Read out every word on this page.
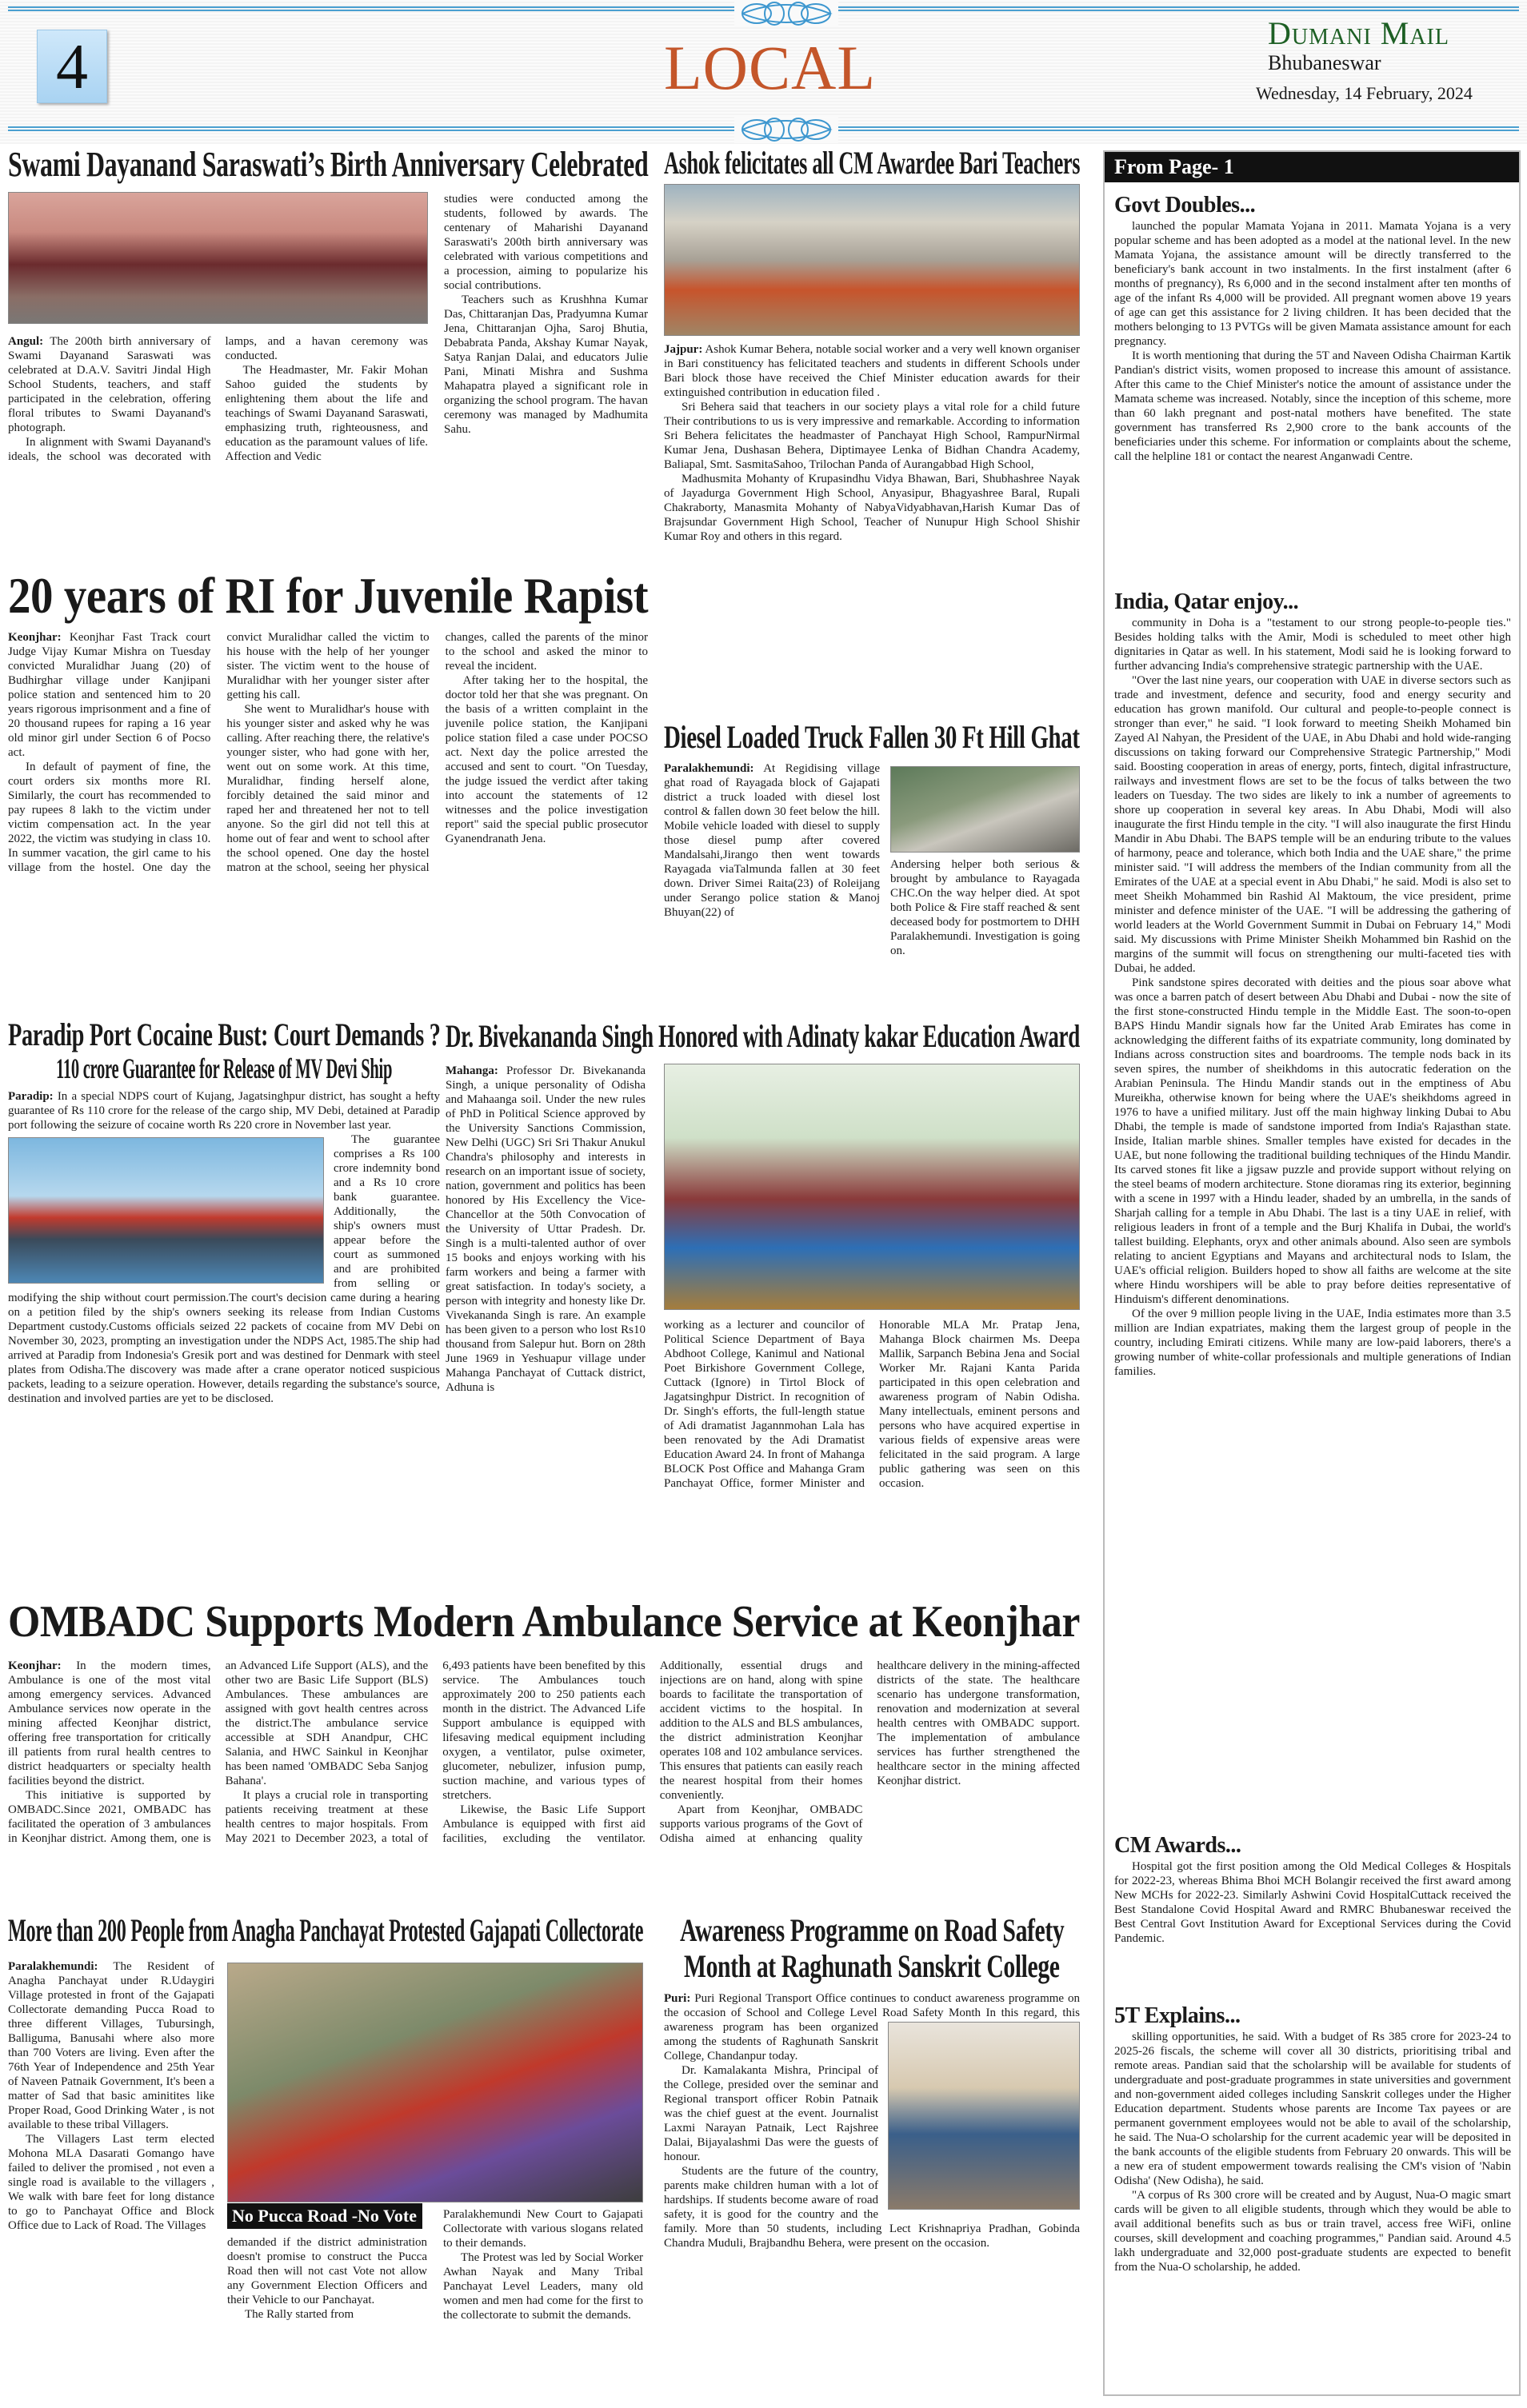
4	LOCAL	Dumani Mail
Bhubaneswar
Wednesday, 14 February, 2024
Swami Dayanand Saraswati’s Birth Anniversary Celebrated

Angul: The 200th birth anniversary of Swami Dayanand Saraswati was celebrated at D.A.V. Savitri Jindal High School Students, teachers, and staff participated in the celebration, offering floral tributes to Swami Dayanand's photograph.

In alignment with Swami Dayanand's ideals, the school was decorated with lamps, and a havan ceremony was conducted.

The Headmaster, Mr. Fakir Mohan Sahoo guided the students by enlightening them about the life and teachings of Swami Dayanand Saraswati, emphasizing truth, righteousness, and education as the paramount values of life. Affection and Vedic

studies were conducted among the students, followed by awards. The centenary of Maharishi Dayanand Saraswati's 200th birth anniversary was celebrated with various competitions and a procession, aiming to popularize his social contributions.

Teachers such as Krushhna Kumar Das, Chittaranjan Das, Pradyumna Kumar Jena, Chittaranjan Ojha, Saroj Bhutia, Debabrata Panda, Akshay Kumar Nayak, Satya Ranjan Dalai, and educators Julie Pani, Minati Mishra and Sushma Mahapatra played a significant role in organizing the school program. The havan ceremony was managed by Madhumita Sahu.

Ashok felicitates all CM Awardee Bari Teachers

Jajpur: Ashok Kumar Behera, notable social worker and a very well known organiser in Bari constituency has felicitated teachers and students in different Schools under Bari block those have received the Chief Minister education awards for their extinguished contribution in education filed .

Sri Behera said that teachers in our society plays a vital role for a child future Their contributions to us is very impressive and remarkable. According to information Sri Behera felicitates the headmaster of Panchayat High School, RampurNirmal Kumar Jena, Dushasan Behera, Diptimayee Lenka of Bidhan Chandra Academy, Baliapal, Smt. SasmitaSahoo, Trilochan Panda of Aurangabbad High School,

Madhusmita Mohanty of Krupasindhu Vidya Bhawan, Bari, Shubhashree Nayak of Jayadurga Government High School, Anyasipur, Bhagyashree Baral, Rupali Chakraborty, Manasmita Mohanty of NabyaVidyabhavan,Harish Kumar Das of Brajsundar Government High School, Teacher of Nunupur High School Shishir Kumar Roy and others in this regard.

20 years of RI for Juvenile Rapist

Keonjhar: Keonjhar Fast Track court Judge Vijay Kumar Mishra on Tuesday convicted Muralidhar Juang (20) of Budhirghar village under Kanjipani police station and sentenced him to 20 years rigorous imprisonment and a fine of 20 thousand rupees for raping a 16 year old minor girl under Section 6 of Pocso act.

In default of payment of fine, the court orders six months more RI. Similarly, the court has recommended to pay rupees 8 lakh to the victim under victim compensation act. In the year 2022, the victim was studying in class 10. In summer vacation, the girl came to his village from the hostel. One day the convict Muralidhar called the victim to his house with the help of her younger sister. The victim went to the house of Muralidhar with her younger sister after getting his call.

She went to Muralidhar's house with his younger sister and asked why he was calling. After reaching there, the relative's younger sister, who had gone with her, went out on some work. At this time, Muralidhar, finding herself alone, forcibly detained the said minor and raped her and threatened her not to tell anyone. So the girl did not tell this at home out of fear and went to school after the school opened. One day the hostel matron at the school, seeing her physical changes, called the parents of the minor to the school and asked the minor to reveal the incident.

After taking her to the hospital, the doctor told her that she was pregnant. On the basis of a written complaint in the juvenile police station, the Kanjipani police station filed a case under POCSO act. Next day the police arrested the accused and sent to court. "On Tuesday, the judge issued the verdict after taking into account the statements of 12 witnesses and the police investigation report" said the special public prosecutor Gyanendranath Jena.

Diesel Loaded Truck Fallen 30 Ft Hill Ghat

Paralakhemundi: At Regidising village ghat road of Rayagada block of Gajapati district a truck loaded with diesel lost control & fallen down 30 feet below the hill. Mobile vehicle loaded with diesel to supply those diesel pump after covered Mandalsahi,Jirango then went towards Rayagada viaTalmunda fallen at 30 feet down. Driver Simei Raita(23) of Roleijang under Serango police station & Manoj Bhuyan(22) of

Andersing helper both serious & brought by ambulance to Rayagada CHC.On the way helper died. At spot both Police & Fire staff reached & sent deceased body for postmortem to DHH Paralakhemundi. Investigation is going on.

Paradip Port Cocaine Bust: Court Demands ?
110 crore Guarantee for Release of MV Devi Ship

Paradip: In a special NDPS court of Kujang, Jagatsinghpur district, has sought a hefty guarantee of Rs 110 crore for the release of the cargo ship, MV Debi, detained at Paradip port following the seizure of cocaine worth Rs 220 crore in November last year.

The guarantee comprises a Rs 100 crore indemnity bond and a Rs 10 crore bank guarantee. Additionally, the ship's owners must appear before the court as summoned and are prohibited from selling or modifying the ship without court permission.The court's decision came during a hearing on a petition filed by the ship's owners seeking its release from Indian Customs Department custody.Customs officials seized 22 packets of cocaine from MV Debi on November 30, 2023, prompting an investigation under the NDPS Act, 1985.The ship had arrived at Paradip from Indonesia's Gresik port and was destined for Denmark with steel plates from Odisha.The discovery was made after a crane operator noticed suspicious packets, leading to a seizure operation. However, details regarding the substance's source, destination and involved parties are yet to be disclosed.

Dr. Bivekananda Singh Honored with Adinaty kakar Education Award

Mahanga: Professor Dr. Bivekananda Singh, a unique personality of Odisha and Mahaanga soil. Under the new rules of PhD in Political Science approved by the University Sanctions Commission, New Delhi (UGC) Sri Sri Thakur Anukul Chandra's philosophy and interests in research on an important issue of society, nation, government and politics has been honored by His Excellency the Vice-Chancellor at the 50th Convocation of the University of Uttar Pradesh. Dr. Singh is a multi-talented author of over 15 books and enjoys working with his farm workers and being a farmer with great satisfaction. In today's society, a person with integrity and honesty like Dr. Vivekananda Singh is rare. An example has been given to a person who lost Rs10 thousand from Salepur hut. Born on 28th June 1969 in Yeshuapur village under Mahanga Panchayat of Cuttack district, Adhuna is

working as a lecturer and councilor of Political Science Department of Baya Abdhoot College, Kanimul and National Poet Birkishore Government College, Cuttack (Ignore) in Tirtol Block of Jagatsinghpur District. In recognition of Dr. Singh's efforts, the full-length statue of Adi dramatist Jagannmohan Lala has been renovated by the Adi Dramatist Education Award 24. In front of Mahanga BLOCK Post Office and Mahanga Gram Panchayat Office, former Minister and Honorable MLA Mr. Pratap Jena, Mahanga Block chairmen Ms. Deepa Mallik, Sarpanch Bebina Jena and Social Worker Mr. Rajani Kanta Parida participated in this open celebration and awareness program of Nabin Odisha. Many intellectuals, eminent persons and persons who have acquired expertise in various fields of expensive areas were felicitated in the said program. A large public gathering was seen on this occasion.

OMBADC Supports Modern Ambulance Service at Keonjhar

Keonjhar: In the modern times, Ambulance is one of the most vital among emergency services. Advanced Ambulance services now operate in the mining affected Keonjhar district, offering free transportation for critically ill patients from rural health centres to district headquarters or specialty health facilities beyond the district.

This initiative is supported by OMBADC.Since 2021, OMBADC has facilitated the operation of 3 ambulances in Keonjhar district. Among them, one is an Advanced Life Support (ALS), and the other two are Basic Life Support (BLS) Ambulances. These ambulances are assigned with govt health centres across the district.The ambulance service accessible at SDH Anandpur, CHC Salania, and HWC Sainkul in Keonjhar has been named 'OMBADC Seba Sanjog Bahana'.

It plays a crucial role in transporting patients receiving treatment at these health centres to major hospitals. From May 2021 to December 2023, a total of 6,493 patients have been benefited by this service. The Ambulances touch approximately 200 to 250 patients each month in the district. The Advanced Life Support ambulance is equipped with lifesaving medical equipment including oxygen, a ventilator, pulse oximeter, glucometer, nebulizer, infusion pump, suction machine, and various types of stretchers.

Likewise, the Basic Life Support Ambulance is equipped with first aid facilities, excluding the ventilator. Additionally, essential drugs and injections are on hand, along with spine boards to facilitate the transportation of accident victims to the hospital. In addition to the ALS and BLS ambulances, the district administration Keonjhar operates 108 and 102 ambulance services. This ensures that patients can easily reach the nearest hospital from their homes conveniently.

Apart from Keonjhar, OMBADC supports various programs of the Govt of Odisha aimed at enhancing quality healthcare delivery in the mining-affected districts of the state. The healthcare scenario has undergone transformation, renovation and modernization at several health centres with OMBADC support. The implementation of ambulance services has further strengthened the healthcare sector in the mining affected Keonjhar district.

More than 200 People from Anagha Panchayat Protested Gajapati Collectorate

Paralakhemundi: The Resident of Anagha Panchayat under R.Udaygiri Village protested in front of the Gajapati Collectorate demanding Pucca Road to three different Villages, Tubursingh, Balliguma, Banusahi where also more than 700 Voters are living. Even after the 76th Year of Independence and 25th Year of Naveen Patnaik Government, It's been a matter of Sad that basic aminitites like Proper Road, Good Drinking Water , is not available to these tribal Villagers.

The Villagers Last term elected Mohona MLA Dasarati Gomango have failed to deliver the promised , not even a single road is available to the villagers , We walk with bare feet for long distance to go to Panchayat Office and Block Office due to Lack of Road. The Villages	No Pucca Road -No Vote

demanded if the district administration doesn't promise to construct the Pucca Road then will not cast Vote not allow any Government Election Officers and their Vehicle to our Panchayat.

The Rally started from

Paralakhemundi New Court to Gajapati Collectorate with various slogans related to their demands.

The Protest was led by Social Worker Awhan Nayak and Many Tribal Panchayat Level Leaders, many old women and men had come for the first to the collectorate to submit the demands.

Awareness Programme on Road Safety
Month at Raghunath Sanskrit College

Puri: Puri Regional Transport Office continues to conduct awareness programme on the occasion of School and College Level Road Safety Month In this regard, this awareness program has been organized among the students of Raghunath Sanskrit College, Chandanpur today.

Dr. Kamalakanta Mishra, Principal of the College, presided over the seminar and Regional transport officer Robin Patnaik was the chief guest at the event. Journalist Laxmi Narayan Patnaik, Lect Rajshree Dalai, Bijayalashmi Das were the guests of honour.

Students are the future of the country, parents make children human with a lot of hardships. If students become aware of road safety, it is good for the country and the family. More than 50 students, including Lect Krishnapriya Pradhan, Gobinda Chandra Muduli, Brajbandhu Behera, were present on the occasion.

From Page- 1
Govt Doubles...

launched the popular Mamata Yojana in 2011. Mamata Yojana is a very popular scheme and has been adopted as a model at the national level. In the new Mamata Yojana, the assistance amount will be directly transferred to the beneficiary's bank account in two instalments. In the first instalment (after 6 months of pregnancy), Rs 6,000 and in the second instalment after ten months of age of the infant Rs 4,000 will be provided. All pregnant women above 19 years of age can get this assistance for 2 living children. It has been decided that the mothers belonging to 13 PVTGs will be given Mamata assistance amount for each pregnancy.

It is worth mentioning that during the 5T and Naveen Odisha Chairman Kartik Pandian's district visits, women proposed to increase this amount of assistance. After this came to the Chief Minister's notice the amount of assistance under the Mamata scheme was increased. Notably, since the inception of this scheme, more than 60 lakh pregnant and post-natal mothers have benefited. The state government has transferred Rs 2,900 crore to the bank accounts of the beneficiaries under this scheme. For information or complaints about the scheme, call the helpline 181 or contact the nearest Anganwadi Centre.

India, Qatar enjoy...

community in Doha is a "testament to our strong people-to-people ties." Besides holding talks with the Amir, Modi is scheduled to meet other high dignitaries in Qatar as well. In his statement, Modi said he is looking forward to further advancing India's comprehensive strategic partnership with the UAE.

"Over the last nine years, our cooperation with UAE in diverse sectors such as trade and investment, defence and security, food and energy security and education has grown manifold. Our cultural and people-to-people connect is stronger than ever," he said. "I look forward to meeting Sheikh Mohamed bin Zayed Al Nahyan, the President of the UAE, in Abu Dhabi and hold wide-ranging discussions on taking forward our Comprehensive Strategic Partnership," Modi said. Boosting cooperation in areas of energy, ports, fintech, digital infrastructure, railways and investment flows are set to be the focus of talks between the two leaders on Tuesday. The two sides are likely to ink a number of agreements to shore up cooperation in several key areas. In Abu Dhabi, Modi will also inaugurate the first Hindu temple in the city. "I will also inaugurate the first Hindu Mandir in Abu Dhabi. The BAPS temple will be an enduring tribute to the values of harmony, peace and tolerance, which both India and the UAE share," the prime minister said. "I will address the members of the Indian community from all the Emirates of the UAE at a special event in Abu Dhabi," he said. Modi is also set to meet Sheikh Mohammed bin Rashid Al Maktoum, the vice president, prime minister and defence minister of the UAE. "I will be addressing the gathering of world leaders at the World Government Summit in Dubai on February 14," Modi said. My discussions with Prime Minister Sheikh Mohammed bin Rashid on the margins of the summit will focus on strengthening our multi-faceted ties with Dubai, he added.

Pink sandstone spires decorated with deities and the pious soar above what was once a barren patch of desert between Abu Dhabi and Dubai - now the site of the first stone-constructed Hindu temple in the Middle East. The soon-to-open BAPS Hindu Mandir signals how far the United Arab Emirates has come in acknowledging the different faiths of its expatriate community, long dominated by Indians across construction sites and boardrooms. The temple nods back in its seven spires, the number of sheikhdoms in this autocratic federation on the Arabian Peninsula. The Hindu Mandir stands out in the emptiness of Abu Mureikha, otherwise known for being where the UAE's sheikhdoms agreed in 1976 to have a unified military. Just off the main highway linking Dubai to Abu Dhabi, the temple is made of sandstone imported from India's Rajasthan state. Inside, Italian marble shines. Smaller temples have existed for decades in the UAE, but none following the traditional building techniques of the Hindu Mandir. Its carved stones fit like a jigsaw puzzle and provide support without relying on the steel beams of modern architecture. Stone dioramas ring its exterior, beginning with a scene in 1997 with a Hindu leader, shaded by an umbrella, in the sands of Sharjah calling for a temple in Abu Dhabi. The last is a tiny UAE in relief, with religious leaders in front of a temple and the Burj Khalifa in Dubai, the world's tallest building. Elephants, oryx and other animals abound. Also seen are symbols relating to ancient Egyptians and Mayans and architectural nods to Islam, the UAE's official religion. Builders hoped to show all faiths are welcome at the site where Hindu worshipers will be able to pray before deities representative of Hinduism's different denominations.

Of the over 9 million people living in the UAE, India estimates more than 3.5 million are Indian expatriates, making them the largest group of people in the country, including Emirati citizens. While many are low-paid laborers, there's a growing number of white-collar professionals and multiple generations of Indian families.

CM Awards...

Hospital got the first position among the Old Medical Colleges & Hospitals for 2022-23, whereas Bhima Bhoi MCH Bolangir received the first award among New MCHs for 2022-23. Similarly Ashwini Covid HospitalCuttack received the Best Standalone Covid Hospital Award and RMRC Bhubaneswar received the Best Central Govt Institution Award for Exceptional Services during the Covid Pandemic.

5T Explains...

skilling opportunities, he said. With a budget of Rs 385 crore for 2023-24 to 2025-26 fiscals, the scheme will cover all 30 districts, prioritising tribal and remote areas. Pandian said that the scholarship will be available for students of undergraduate and post-graduate programmes in state universities and government and non-government aided colleges including Sanskrit colleges under the Higher Education department. Students whose parents are Income Tax payees or are permanent government employees would not be able to avail of the scholarship, he said. The Nua-O scholarship for the current academic year will be deposited in the bank accounts of the eligible students from February 20 onwards. This will be a new era of student empowerment towards realising the CM's vision of 'Nabin Odisha' (New Odisha), he said.

"A corpus of Rs 300 crore will be created and by August, Nua-O magic smart cards will be given to all eligible students, through which they would be able to avail additional benefits such as bus or train travel, access free WiFi, online courses, skill development and coaching programmes," Pandian said. Around 4.5 lakh undergraduate and 32,000 post-graduate students are expected to benefit from the Nua-O scholarship, he added.
